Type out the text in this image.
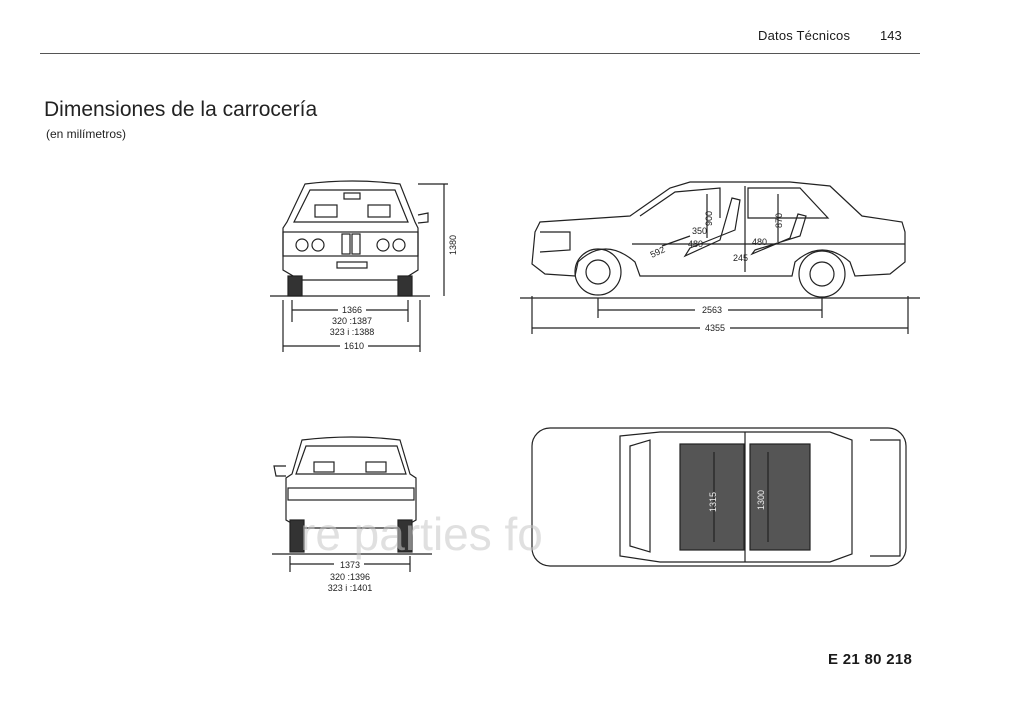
Datos Técnicos 143
Dimensiones de la carrocería
(en milímetros)
1380
1366
320 :1387
323 i :1388
1610
2563
4355
350
900
480
592
480
245
870
1373
320 :1396
323 i :1401
1315	1300
re parties fo
E 21 80 218
